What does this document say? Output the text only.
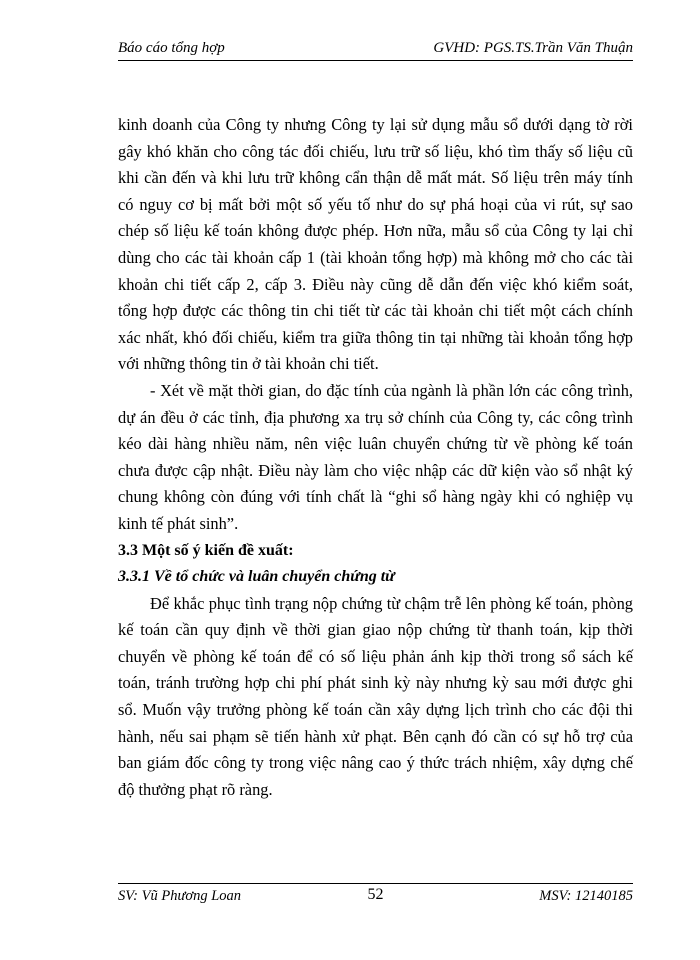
Báo cáo tổng hợp	GVHD: PGS.TS.Trần Văn Thuận

kinh doanh của Công ty nhưng Công ty lại sử dụng mẫu sổ dưới dạng tờ rời gây khó khăn cho công tác đối chiếu, lưu trữ số liệu, khó tìm thấy số liệu cũ khi cần đến và khi lưu trữ không cẩn thận dễ mất mát. Số liệu trên máy tính có nguy cơ bị mất bởi một số yếu tố như do sự phá hoại của vi rút, sự sao chép số liệu kế toán không được phép. Hơn nữa, mẫu sổ của Công ty lại chỉ dùng cho các tài khoản cấp 1 (tài khoản tổng hợp) mà không mở cho các tài khoản chi tiết cấp 2, cấp 3. Điều này cũng dễ dẫn đến việc khó kiểm soát, tổng hợp được các thông tin chi tiết từ các tài khoản chi tiết một cách chính xác nhất, khó đối chiếu, kiểm tra giữa thông tin tại những tài khoản tổng hợp với những thông tin ở tài khoản chi tiết.

- Xét về mặt thời gian, do đặc tính của ngành là phần lớn các công trình, dự án đều ở các tỉnh, địa phương xa trụ sở chính của Công ty, các công trình kéo dài hàng nhiều năm, nên việc luân chuyển chứng từ về phòng kế toán chưa được cập nhật. Điều này làm cho việc nhập các dữ kiện vào sổ nhật ký chung không còn đúng với tính chất là “ghi sổ hàng ngày khi có nghiệp vụ kinh tế phát sinh”.

3.3 Một số ý kiến đề xuất:

3.3.1 Về tổ chức và luân chuyển chứng từ

Để khắc phục tình trạng nộp chứng từ chậm trễ lên phòng kế toán, phòng kế toán cần quy định về thời gian giao nộp chứng từ thanh toán, kịp thời chuyển về phòng kế toán để có số liệu phản ánh kịp thời trong sổ sách kế toán, tránh trường hợp chi phí phát sinh kỳ này nhưng kỳ sau mới được ghi sổ. Muốn vậy trưởng phòng kế toán cần xây dựng lịch trình cho các đội thi hành, nếu sai phạm sẽ tiến hành xử phạt. Bên cạnh đó cần có sự hỗ trợ của ban giám đốc công ty trong việc nâng cao ý thức trách nhiệm, xây dựng chế độ thưởng phạt rõ ràng.

SV: Vũ Phương Loan	52	MSV: 12140185
